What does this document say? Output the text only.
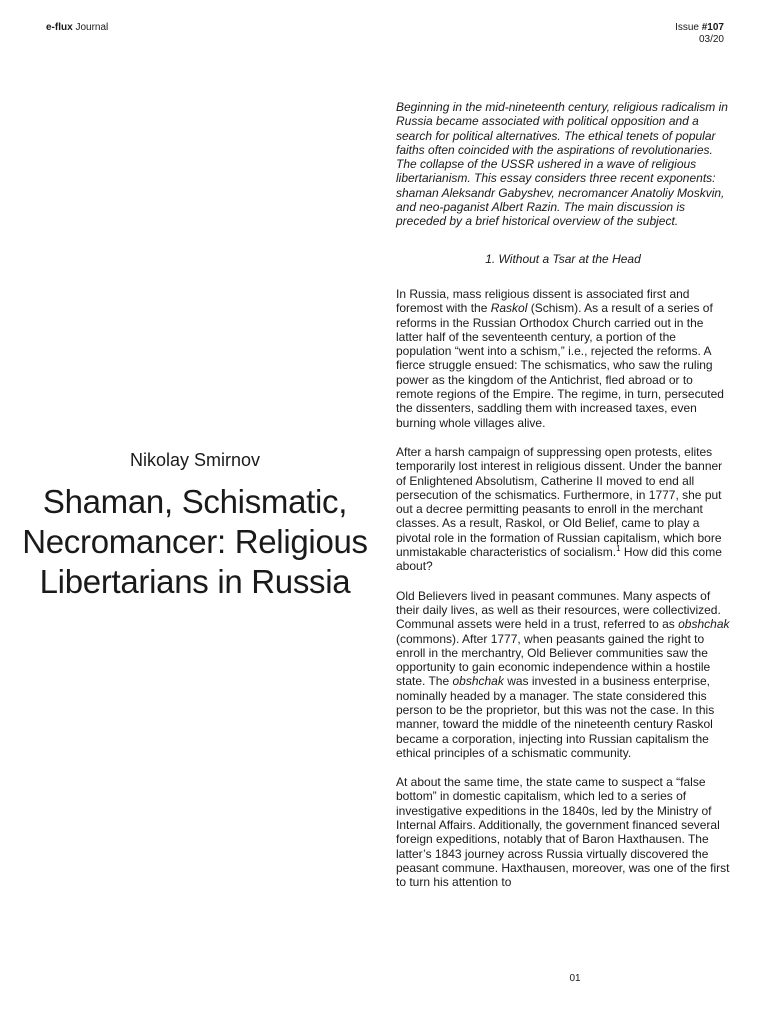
e-flux Journal	Issue #107
03/20
Nikolay Smirnov
Shaman, Schismatic, Necromancer: Religious Libertarians in Russia

Beginning in the mid-nineteenth century, religious radicalism in Russia became associated with political opposition and a search for political alternatives. The ethical tenets of popular faiths often coincided with the aspirations of revolutionaries. The collapse of the USSR ushered in a wave of religious libertarianism. This essay considers three recent exponents: shaman Aleksandr Gabyshev, necromancer Anatoliy Moskvin, and neo-paganist Albert Razin. The main discussion is preceded by a brief historical overview of the subject.

1. Without a Tsar at the Head

In Russia, mass religious dissent is associated first and foremost with the Raskol (Schism). As a result of a series of reforms in the Russian Orthodox Church carried out in the latter half of the seventeenth century, a portion of the population “went into a schism,” i.e., rejected the reforms. A fierce struggle ensued: The schismatics, who saw the ruling power as the kingdom of the Antichrist, fled abroad or to remote regions of the Empire. The regime, in turn, persecuted the dissenters, saddling them with increased taxes, even burning whole villages alive.

After a harsh campaign of suppressing open protests, elites temporarily lost interest in religious dissent. Under the banner of Enlightened Absolutism, Catherine II moved to end all persecution of the schismatics. Furthermore, in 1777, she put out a decree permitting peasants to enroll in the merchant classes. As a result, Raskol, or Old Belief, came to play a pivotal role in the formation of Russian capitalism, which bore unmistakable characteristics of socialism.$^1$ How did this come about?

Old Believers lived in peasant communes. Many aspects of their daily lives, as well as their resources, were collectivized. Communal assets were held in a trust, referred to as obshchak (commons). After 1777, when peasants gained the right to enroll in the merchantry, Old Believer communities saw the opportunity to gain economic independence within a hostile state. The obshchak was invested in a business enterprise, nominally headed by a manager. The state considered this person to be the proprietor, but this was not the case. In this manner, toward the middle of the nineteenth century Raskol became a corporation, injecting into Russian capitalism the ethical principles of a schismatic community.

At about the same time, the state came to suspect a “false bottom” in domestic capitalism, which led to a series of investigative expeditions in the 1840s, led by the Ministry of Internal Affairs. Additionally, the government financed several foreign expeditions, notably that of Baron Haxthausen. The latter’s 1843 journey across Russia virtually discovered the peasant commune. Haxthausen, moreover, was one of the first to turn his attention to

01
